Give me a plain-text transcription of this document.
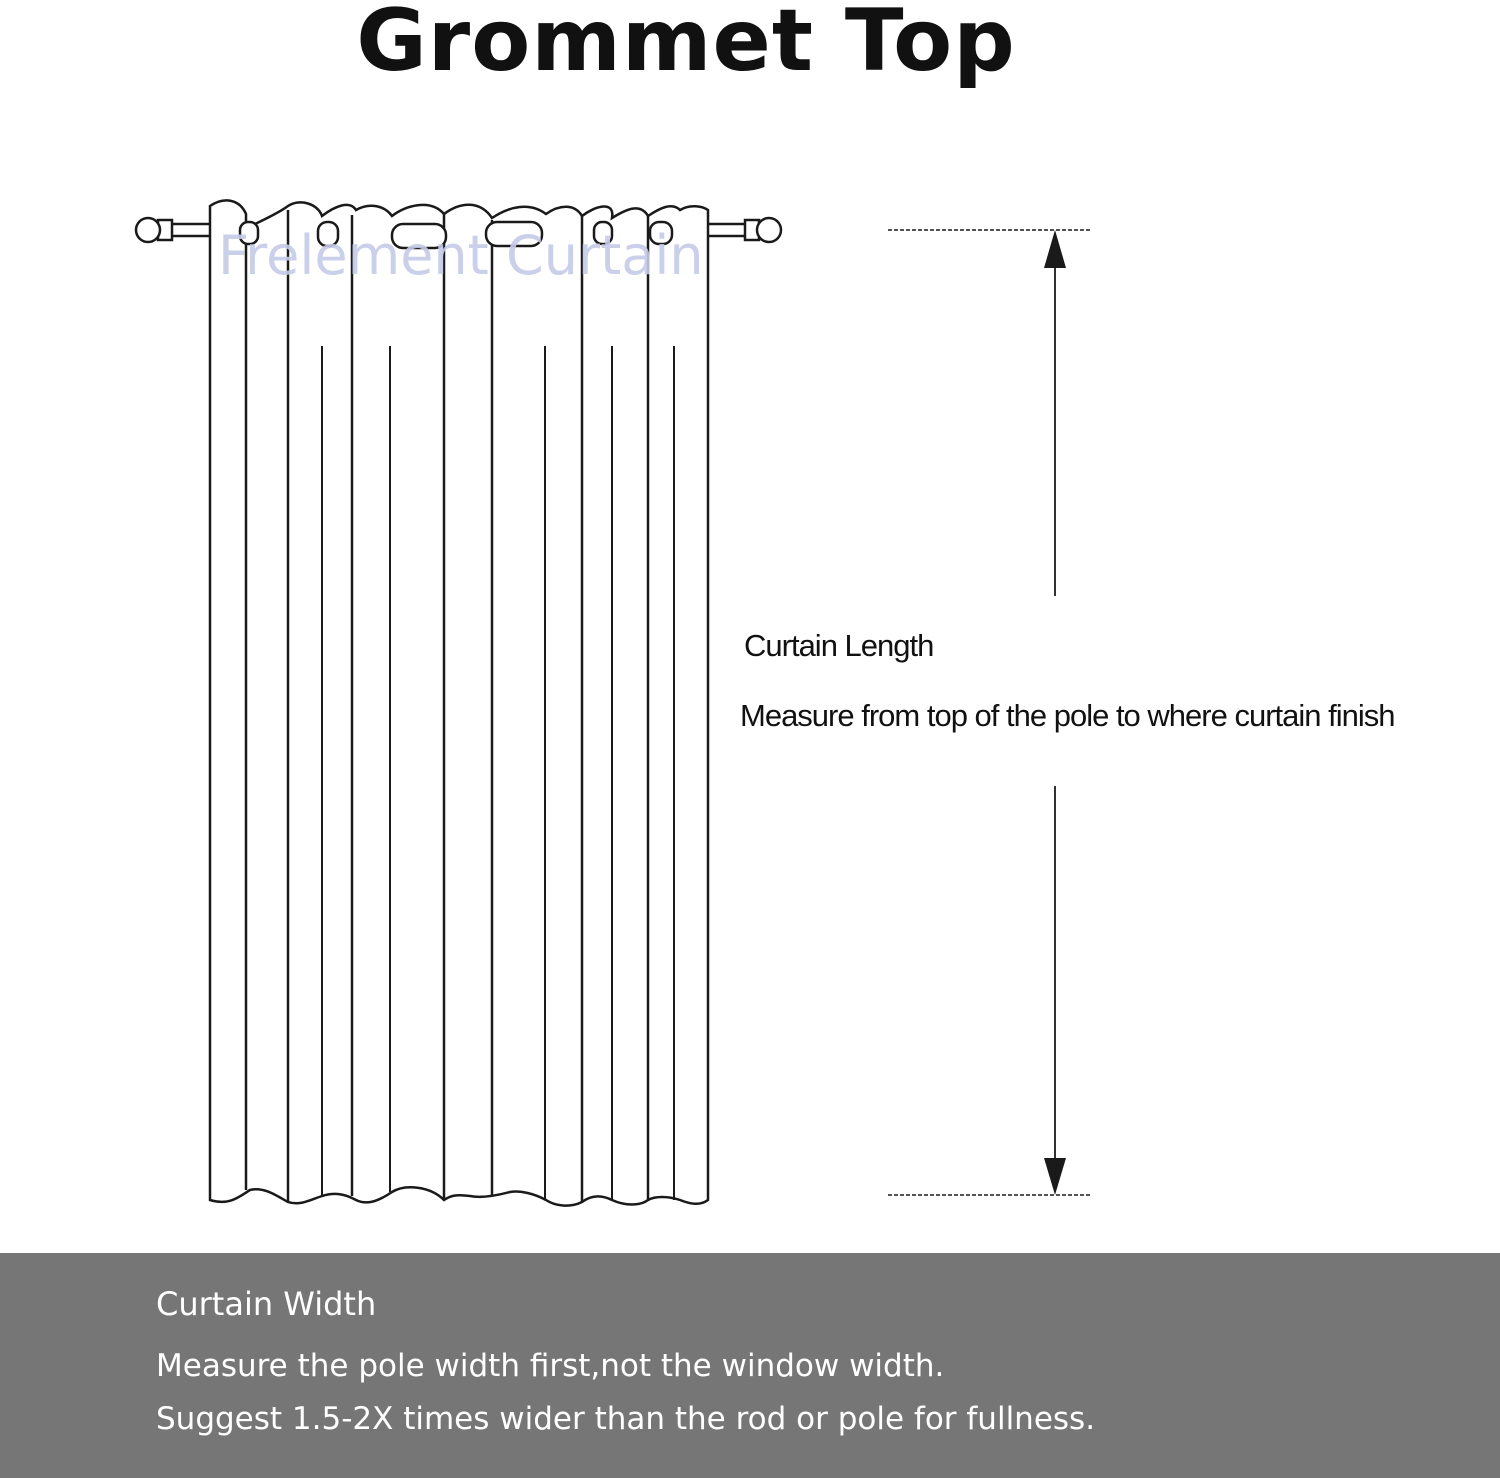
Grommet Top
Frelement Curtain
Curtain Length
Measure from top of the pole to where curtain finish
Curtain Width
Measure the pole width first,not the window width.
Suggest 1.5-2X times wider than the rod or pole for fullness.
